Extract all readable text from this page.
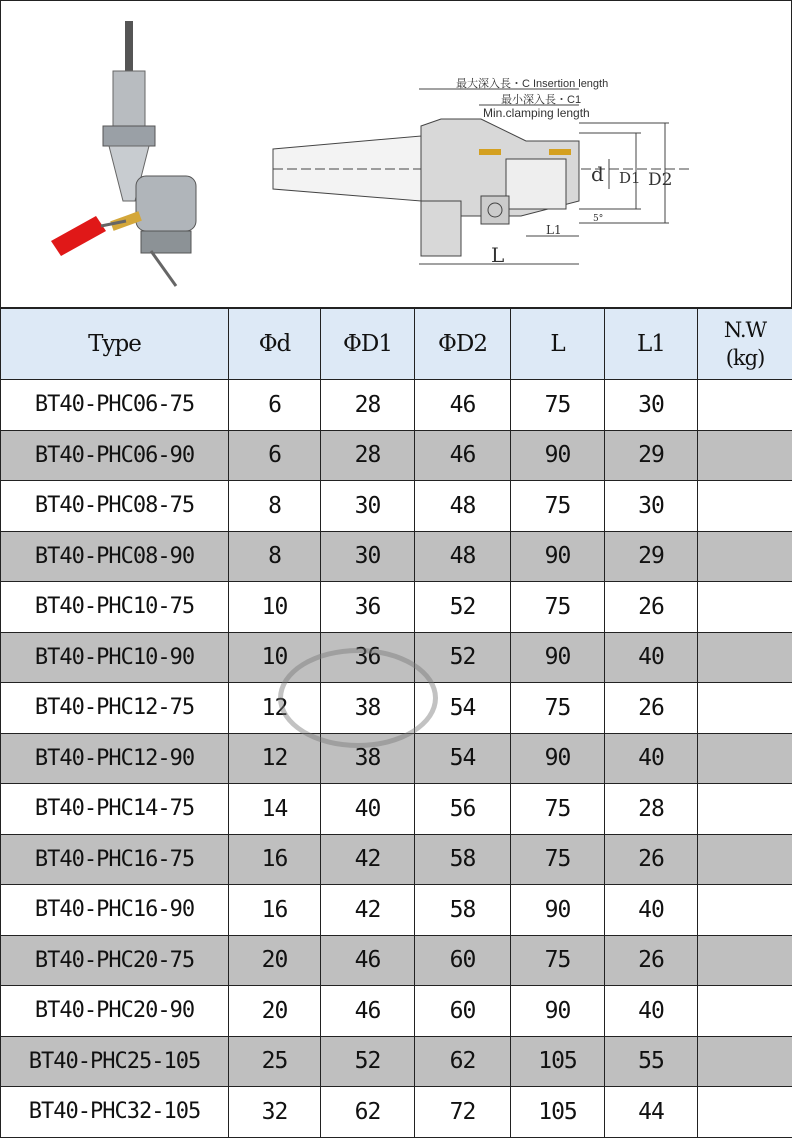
最大深入長・C Insertion length
最小深入長・C1
Min.clamping length
d D1 D2
L
L1
5°
Type	Φd	ΦD1	ΦD2	L	L1	N.W
(kg)
BT40-PHC06-75	6	28	46	75	30	
BT40-PHC06-90	6	28	46	90	29	
BT40-PHC08-75	8	30	48	75	30	
BT40-PHC08-90	8	30	48	90	29	
BT40-PHC10-75	10	36	52	75	26	
BT40-PHC10-90	10	36	52	90	40	
BT40-PHC12-75	12	38	54	75	26	
BT40-PHC12-90	12	38	54	90	40	
BT40-PHC14-75	14	40	56	75	28	
BT40-PHC16-75	16	42	58	75	26	
BT40-PHC16-90	16	42	58	90	40	
BT40-PHC20-75	20	46	60	75	26	
BT40-PHC20-90	20	46	60	90	40	
BT40-PHC25-105	25	52	62	105	55	
BT40-PHC32-105	32	62	72	105	44	
